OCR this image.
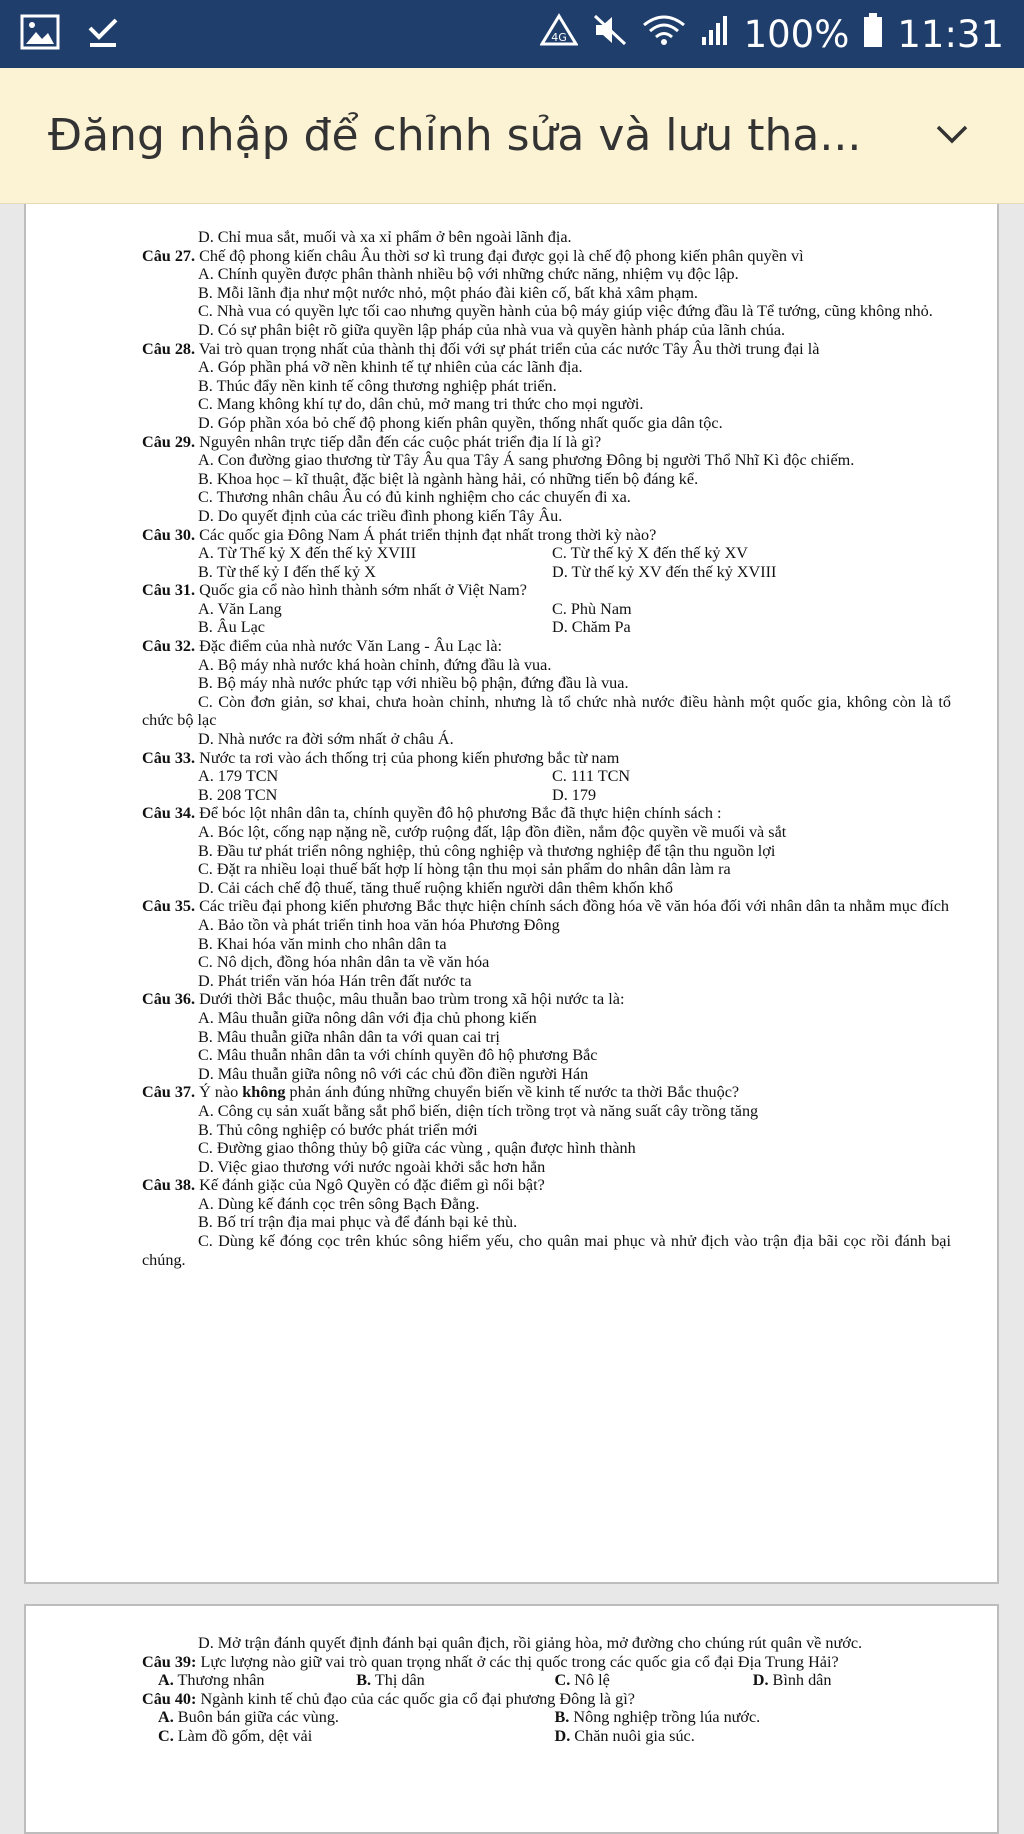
4G	100% 11:31
Đăng nhập để chỉnh sửa và lưu tha...
D. Chỉ mua sắt, muối và xa xỉ phẩm ở bên ngoài lãnh địa.
Câu 27. Chế độ phong kiến châu Âu thời sơ kì trung đại được gọi là chế độ phong kiến phân quyền vì
A. Chính quyền được phân thành nhiều bộ với những chức năng, nhiệm vụ độc lập.
B. Mỗi lãnh địa như một nước nhỏ, một pháo đài kiên cố, bất khả xâm phạm.
C. Nhà vua có quyền lực tối cao nhưng quyền hành của bộ máy giúp việc đứng đầu là Tể tướng, cũng không nhỏ.
D. Có sự phân biệt rõ giữa quyền lập pháp của nhà vua và quyền hành pháp của lãnh chúa.
Câu 28. Vai trò quan trọng nhất của thành thị đối với sự phát triển của các nước Tây Âu thời trung đại là
A. Góp phần phá vỡ nền khinh tế tự nhiên của các lãnh địa.
B. Thúc đẩy nền kinh tế công thương nghiệp phát triển.
C. Mang không khí tự do, dân chủ, mở mang tri thức cho mọi người.
D. Góp phần xóa bỏ chế độ phong kiến phân quyền, thống nhất quốc gia dân tộc.
Câu 29. Nguyên nhân trực tiếp dẫn đến các cuộc phát triển địa lí là gì?
A. Con đường giao thương từ Tây Âu qua Tây Á sang phương Đông bị người Thổ Nhĩ Kì độc chiếm.
B. Khoa học – kĩ thuật, đặc biệt là ngành hàng hải, có những tiến bộ đáng kể.
C. Thương nhân châu Âu có đủ kinh nghiệm cho các chuyến đi xa.
D. Do quyết định của các triều đình phong kiến Tây Âu.
Câu 30. Các quốc gia Đông Nam Á phát triển thịnh đạt nhất trong thời kỳ nào?
A. Từ Thế kỷ X đến thế kỷ XVIII	C. Từ thế kỷ X đến thế kỷ XV
B. Từ thế kỷ I đến thế kỷ X	D. Từ thế kỷ XV đến thế kỷ XVIII
Câu 31. Quốc gia cổ nào hình thành sớm nhất ở Việt Nam?
A. Văn Lang	C. Phù Nam
B. Âu Lạc	D. Chăm Pa
Câu 32. Đặc điểm của nhà nước Văn Lang - Âu Lạc là:
A. Bộ máy nhà nước khá hoàn chỉnh, đứng đầu là vua.
B. Bộ máy nhà nước phức tạp với nhiều bộ phận, đứng đầu là vua.
C. Còn đơn giản, sơ khai, chưa hoàn chỉnh, nhưng là tổ chức nhà nước điều hành một quốc gia, không còn là tổ chức bộ lạc
D. Nhà nước ra đời sớm nhất ở châu Á.
Câu 33. Nước ta rơi vào ách thống trị của phong kiến phương bắc từ nam
A. 179 TCN	C. 111 TCN
B. 208 TCN	D. 179
Câu 34. Để bóc lột nhân dân ta, chính quyền đô hộ phương Bắc đã thực hiện chính sách :
A. Bóc lột, cống nạp nặng nề, cướp ruộng đất, lập đồn điền, nắm độc quyền về muối và sắt
B. Đầu tư phát triển nông nghiệp, thủ công nghiệp và thương nghiệp để tận thu nguồn lợi
C. Đặt ra nhiều loại thuế bất hợp lí hòng tận thu mọi sản phẩm do nhân dân làm ra
D. Cải cách chế độ thuế, tăng thuế ruộng khiến người dân thêm khốn khổ
Câu 35. Các triều đại phong kiến phương Bắc thực hiện chính sách đồng hóa về văn hóa đối với nhân dân ta nhằm mục đích
A. Bảo tồn và phát triển tinh hoa văn hóa Phương Đông
B. Khai hóa văn minh cho nhân dân ta
C. Nô dịch, đồng hóa nhân dân ta về văn hóa
D. Phát triển văn hóa Hán trên đất nước ta
Câu 36. Dưới thời Bắc thuộc, mâu thuẫn bao trùm trong xã hội nước ta là:
A. Mâu thuẫn giữa nông dân với địa chủ phong kiến
B. Mâu thuẫn giữa nhân dân ta với quan cai trị
C. Mâu thuẫn nhân dân ta với chính quyền đô hộ phương Bắc
D. Mâu thuẫn giữa nông nô với các chủ đồn điền người Hán
Câu 37. Ý nào không phản ánh đúng những chuyển biến về kinh tế nước ta thời Bắc thuộc?
A. Công cụ sản xuất bằng sắt phổ biến, diện tích trồng trọt và năng suất cây trồng tăng
B. Thủ công nghiệp có bước phát triển mới
C. Đường giao thông thủy bộ giữa các vùng , quận được hình thành
D. Việc giao thương với nước ngoài khởi sắc hơn hẳn
Câu 38. Kế đánh giặc của Ngô Quyền có đặc điểm gì nổi bật?
A. Dùng kế đánh cọc trên sông Bạch Đằng.
B. Bố trí trận địa mai phục và để đánh bại kẻ thù.
C. Dùng kế đóng cọc trên khúc sông hiểm yếu, cho quân mai phục và nhử địch vào trận địa bãi cọc rồi đánh bại chúng.
D. Mở trận đánh quyết định đánh bại quân địch, rồi giảng hòa, mở đường cho chúng rút quân về nước.
Câu 39: Lực lượng nào giữ vai trò quan trọng nhất ở các thị quốc trong các quốc gia cổ đại Địa Trung Hải?
A. Thương nhân	B. Thị dân	C. Nô lệ	D. Bình dân
Câu 40: Ngành kinh tế chủ đạo của các quốc gia cổ đại phương Đông là gì?
A. Buôn bán giữa các vùng.	B. Nông nghiệp trồng lúa nước.
C. Làm đồ gốm, dệt vải	D. Chăn nuôi gia súc.
